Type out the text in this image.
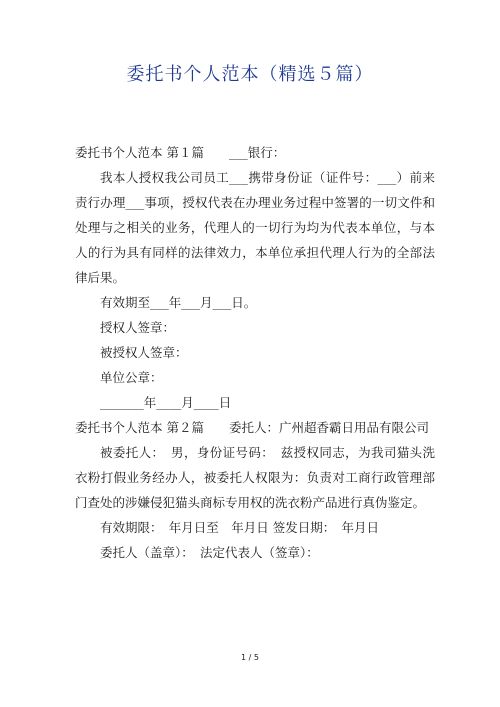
委托书个人范本（精选５篇）

委托书个人范本 第１篇　　___银行：

我本人授权我公司员工___携带身份证（证件号：___）前来责行办理___事项，授权代表在办理业务过程中签署的一切文件和处理与之相关的业务，代理人的一切行为均为代表本单位，与本人的行为具有同样的法律效力，本单位承担代理人行为的全部法律后果。

有效期至___年___月___日。

授权人签章：

被授权人签章：

单位公章：

_______年____月____日

委托书个人范本 第２篇　　委托人：广州超香霸日用品有限公司

被委托人：　男，身份证号码：　兹授权同志，为我司猫头洗衣粉打假业务经办人，被委托人权限为：负责对工商行政管理部门查处的涉嫌侵犯猫头商标专用权的洗衣粉产品进行真伪鉴定。

有效期限：　年月日至　年月日 签发日期：　年月日

委托人（盖章）：　法定代表人（签章）：

1 / 5
